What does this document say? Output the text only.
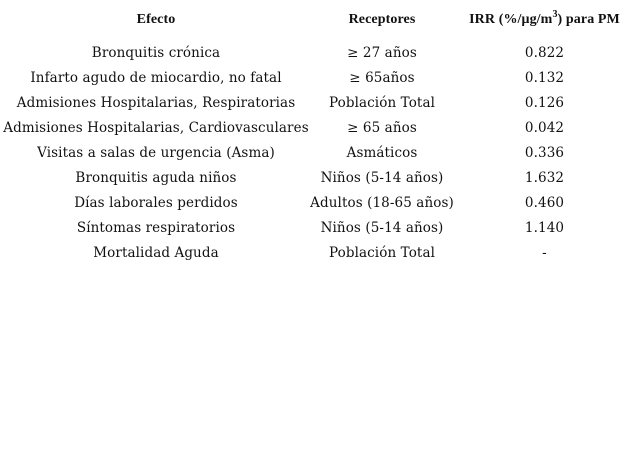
Efecto	Receptores	IRR $(\%/\mu g/m^3)$ para PM
Bronquitis crónica	≥ 27 años	0.822
Infarto agudo de miocardio, no fatal	≥ 65años	0.132
Admisiones Hospitalarias, Respiratorias	Población Total	0.126
Admisiones Hospitalarias, Cardiovasculares	≥ 65 años	0.042
Visitas a salas de urgencia (Asma)	Asmáticos	0.336
Bronquitis aguda niños	Niños (5-14 años)	1.632
Días laborales perdidos	Adultos (18-65 años)	0.460
Síntomas respiratorios	Niños (5-14 años)	1.140
Mortalidad Aguda	Población Total	-
